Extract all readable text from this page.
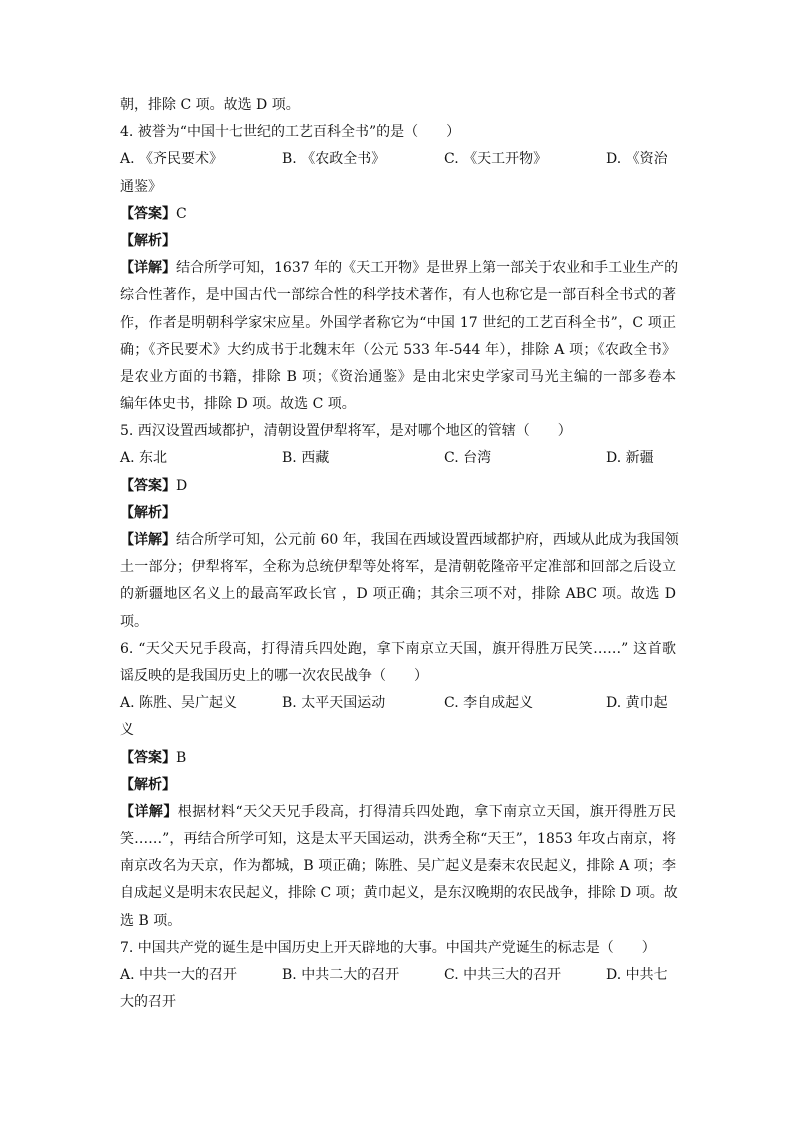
朝，排除 C 项。故选 D 项。
4. 被誉为“中国十七世纪的工艺百科全书”的是（　　）
A. 《齐民要术》	B. 《农政全书》	C. 《天工开物》	D. 《资治
通鉴》
【答案】C
【解析】
【详解】结合所学可知，1637 年的《天工开物》是世界上第一部关于农业和手工业生产的
综合性著作，是中国古代一部综合性的科学技术著作，有人也称它是一部百科全书式的著
作，作者是明朝科学家宋应星。外国学者称它为“中国 17 世纪的工艺百科全书”，C 项正
确；《齐民要术》大约成书于北魏末年（公元 533 年-544 年），排除 A 项；《农政全书》
是农业方面的书籍，排除 B 项；《资治通鉴》是由北宋史学家司马光主编的一部多卷本
编年体史书，排除 D 项。故选 C 项。
5. 西汉设置西域都护，清朝设置伊犁将军，是对哪个地区的管辖（　　）
A. 东北	B. 西藏	C. 台湾	D. 新疆
【答案】D
【解析】
【详解】结合所学可知，公元前 60 年，我国在西域设置西域都护府，西域从此成为我国领
土一部分；伊犁将军，全称为总统伊犁等处将军，是清朝乾隆帝平定准部和回部之后设立
的新疆地区名义上的最高军政长官 ，D 项正确；其余三项不对，排除 ABC 项。故选 D
项。
6. “天父天兄手段高，打得清兵四处跑，拿下南京立天国，旗开得胜万民笑……” 这首歌
谣反映的是我国历史上的哪一次农民战争（　　）
A. 陈胜、吴广起义	B. 太平天国运动	C. 李自成起义	D. 黄巾起
义
【答案】B
【解析】
【详解】根据材料“天父天兄手段高，打得清兵四处跑，拿下南京立天国，旗开得胜万民
笑……”，再结合所学可知，这是太平天国运动，洪秀全称“天王”，1853 年攻占南京，将
南京改名为天京，作为都城，B 项正确；陈胜、吴广起义是秦末农民起义，排除 A 项；李
自成起义是明末农民起义，排除 C 项；黄巾起义，是东汉晚期的农民战争，排除 D 项。故
选 B 项。
7. 中国共产党的诞生是中国历史上开天辟地的大事。中国共产党诞生的标志是（　　）
A. 中共一大的召开	B. 中共二大的召开	C. 中共三大的召开	D. 中共七
大的召开
